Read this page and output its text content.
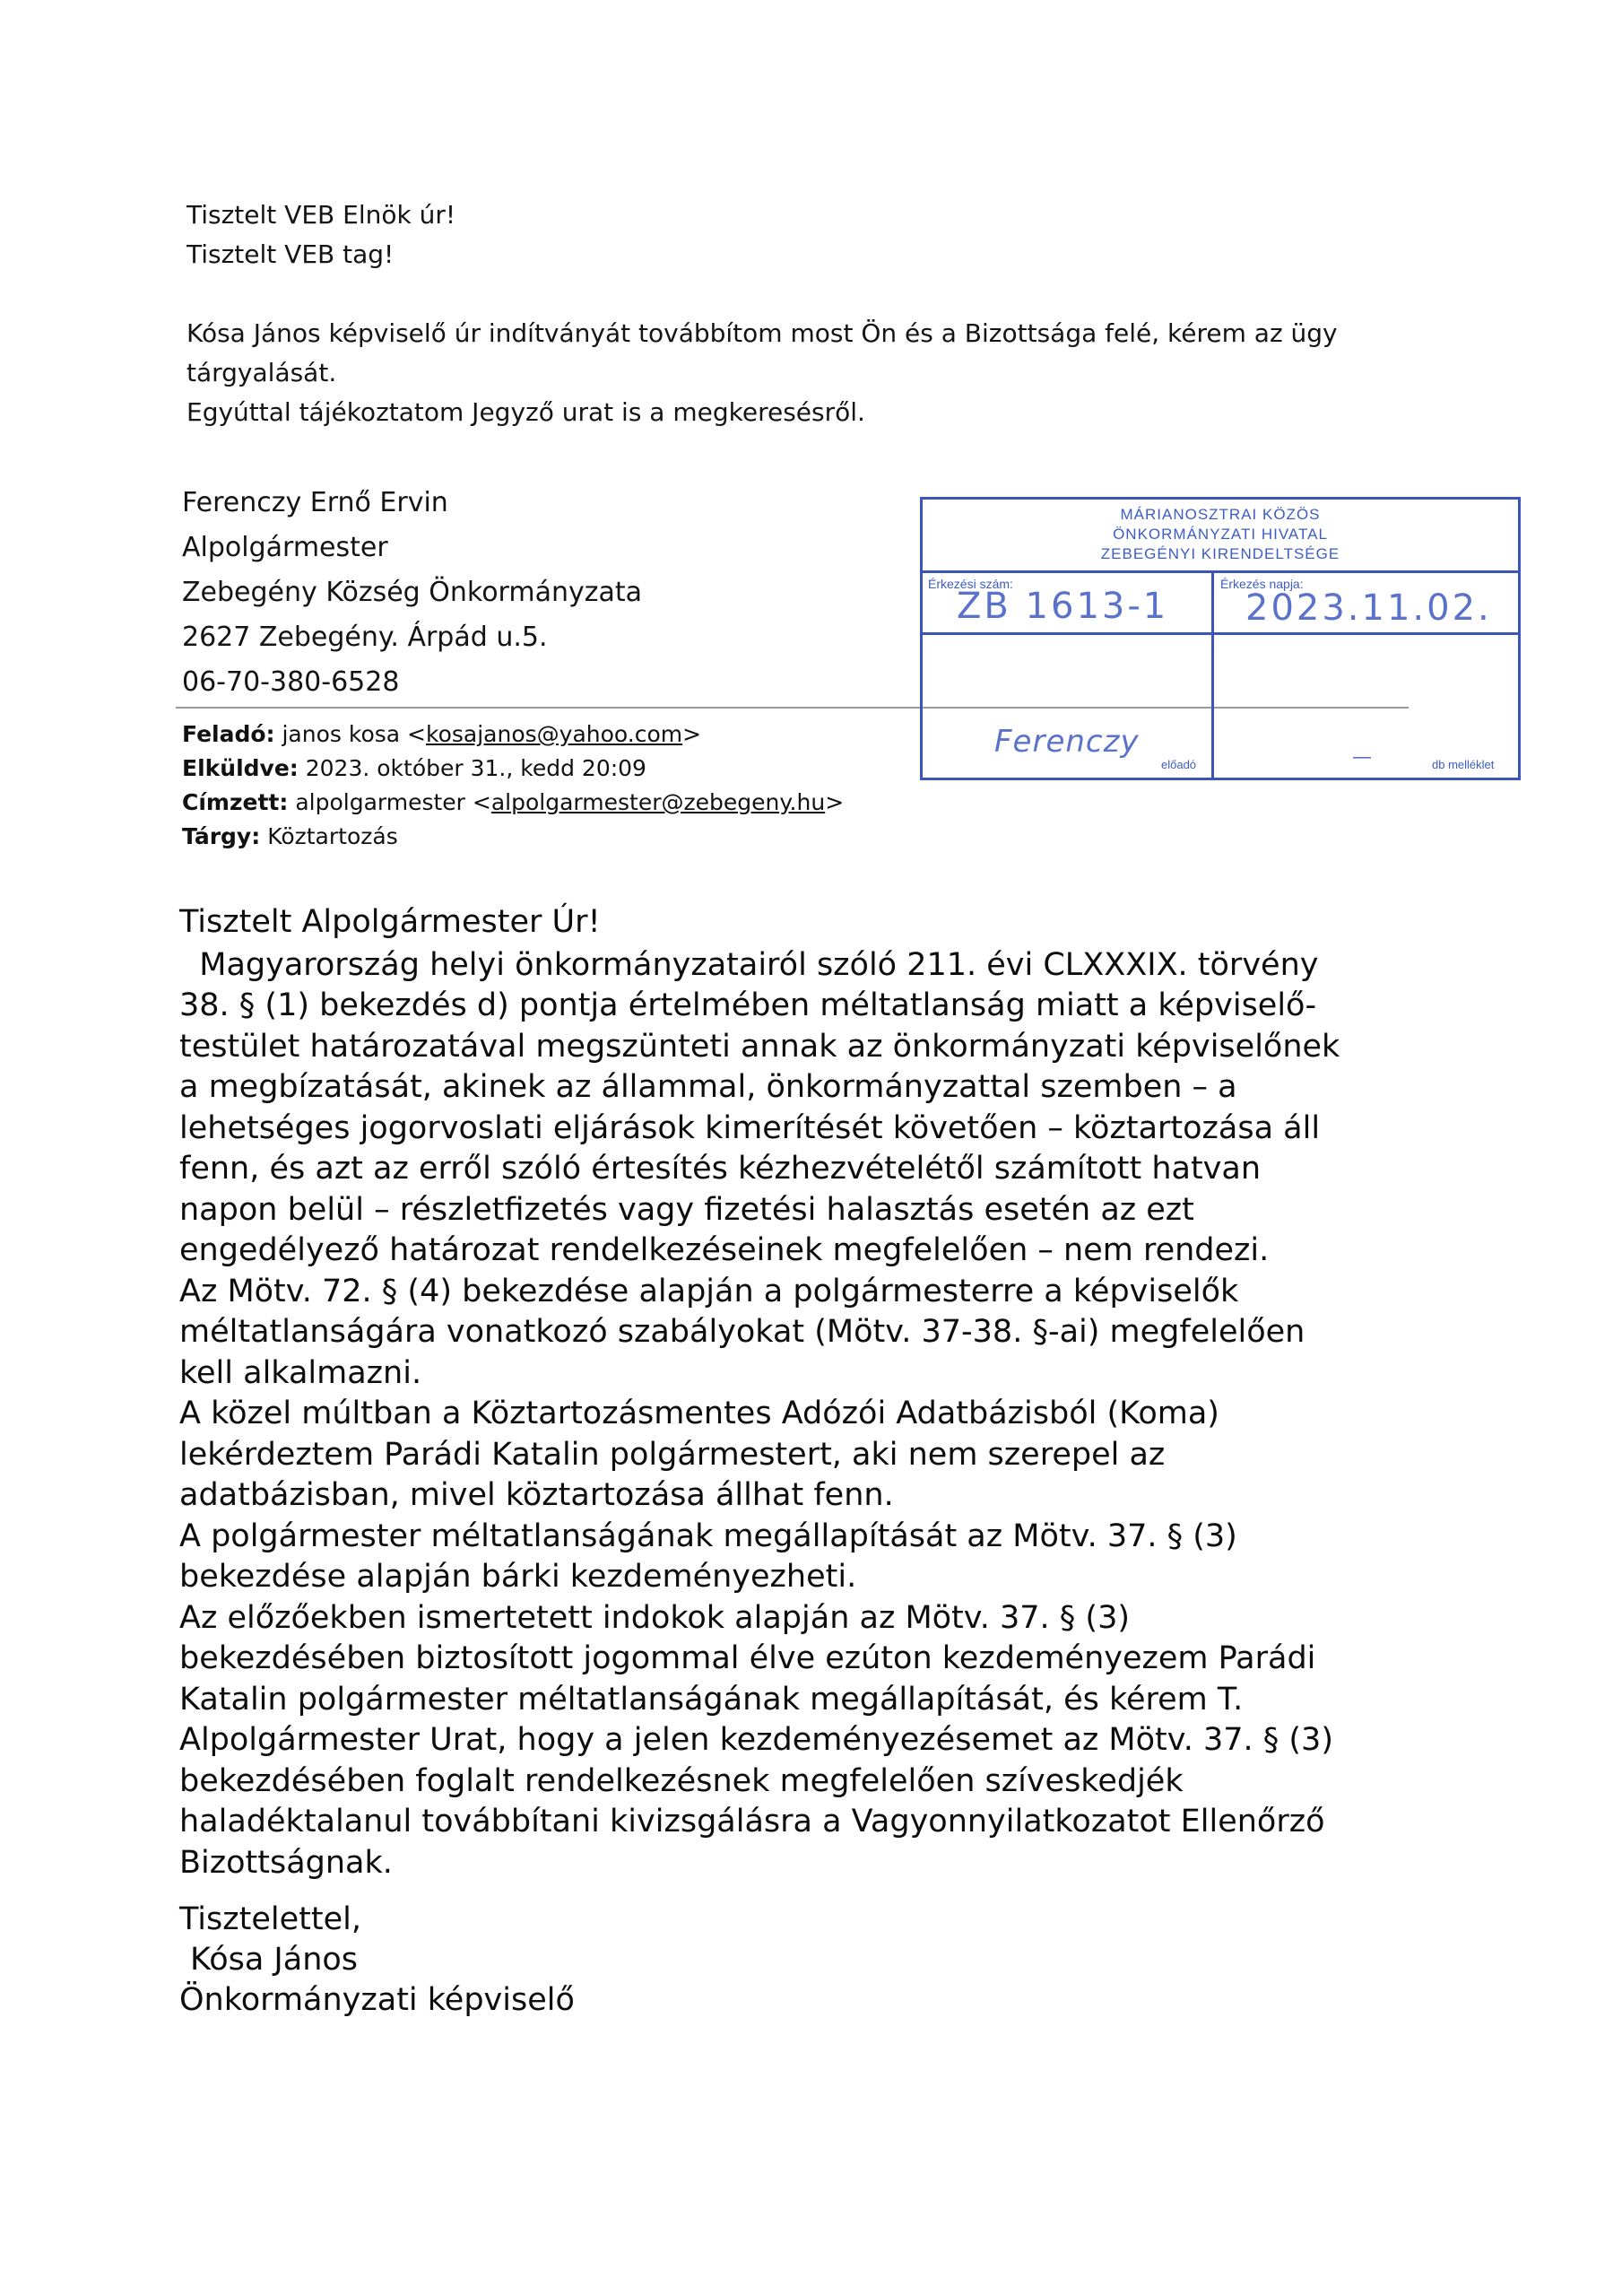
Tisztelt VEB Elnök úr!

Tisztelt VEB tag!

Kósa János képviselő úr indítványát továbbítom most Ön és a Bizottsága felé, kérem az ügy

tárgyalását.

Egyúttal tájékoztatom Jegyző urat is a megkeresésről.

Ferenczy Ernő Ervin
Alpolgármester
Zebegény Község Önkormányzata
2627 Zebegény. Árpád u.5.
06-70-380-6528
Feladó: janos kosa <kosajanos@yahoo.com>
Elküldve: 2023. október 31., kedd 20:09
Címzett: alpolgarmester <alpolgarmester@zebegeny.hu>
Tárgy: Köztartozás
MÁRIANOSZTRAI KÖZÖS
ÖNKORMÁNYZATI HIVATAL
ZEBEGÉNYI KIRENDELTSÉGE
Érkezési szám:
ZB 1613-1
Érkezés napja:
2023.11.02.
Ferenczy
előadó	—	db melléklet

Tisztelt Alpolgármester Úr!

Magyarország helyi önkormányzatairól szóló 211. évi CLXXXIX. törvény

38. § (1) bekezdés d) pontja értelmében méltatlanság miatt a képviselő-

testület határozatával megszünteti annak az önkormányzati képviselőnek

a megbízatását, akinek az állammal, önkormányzattal szemben – a

lehetséges jogorvoslati eljárások kimerítését követően – köztartozása áll

fenn, és azt az erről szóló értesítés kézhezvételétől számított hatvan

napon belül – részletfizetés vagy fizetési halasztás esetén az ezt

engedélyező határozat rendelkezéseinek megfelelően – nem rendezi.

Az Mötv. 72. § (4) bekezdése alapján a polgármesterre a képviselők

méltatlanságára vonatkozó szabályokat (Mötv. 37-38. §-ai) megfelelően

kell alkalmazni.

A közel múltban a Köztartozásmentes Adózói Adatbázisból (Koma)

lekérdeztem Parádi Katalin polgármestert, aki nem szerepel az

adatbázisban, mivel köztartozása állhat fenn.

A polgármester méltatlanságának megállapítását az Mötv. 37. § (3)

bekezdése alapján bárki kezdeményezheti.

Az előzőekben ismertetett indokok alapján az Mötv. 37. § (3)

bekezdésében biztosított jogommal élve ezúton kezdeményezem Parádi

Katalin polgármester méltatlanságának megállapítását, és kérem T.

Alpolgármester Urat, hogy a jelen kezdeményezésemet az Mötv. 37. § (3)

bekezdésében foglalt rendelkezésnek megfelelően szíveskedjék

haladéktalanul továbbítani kivizsgálásra a Vagyonnyilatkozatot Ellenőrző

Bizottságnak.

Tisztelettel,
Kósa János
Önkormányzati képviselő
